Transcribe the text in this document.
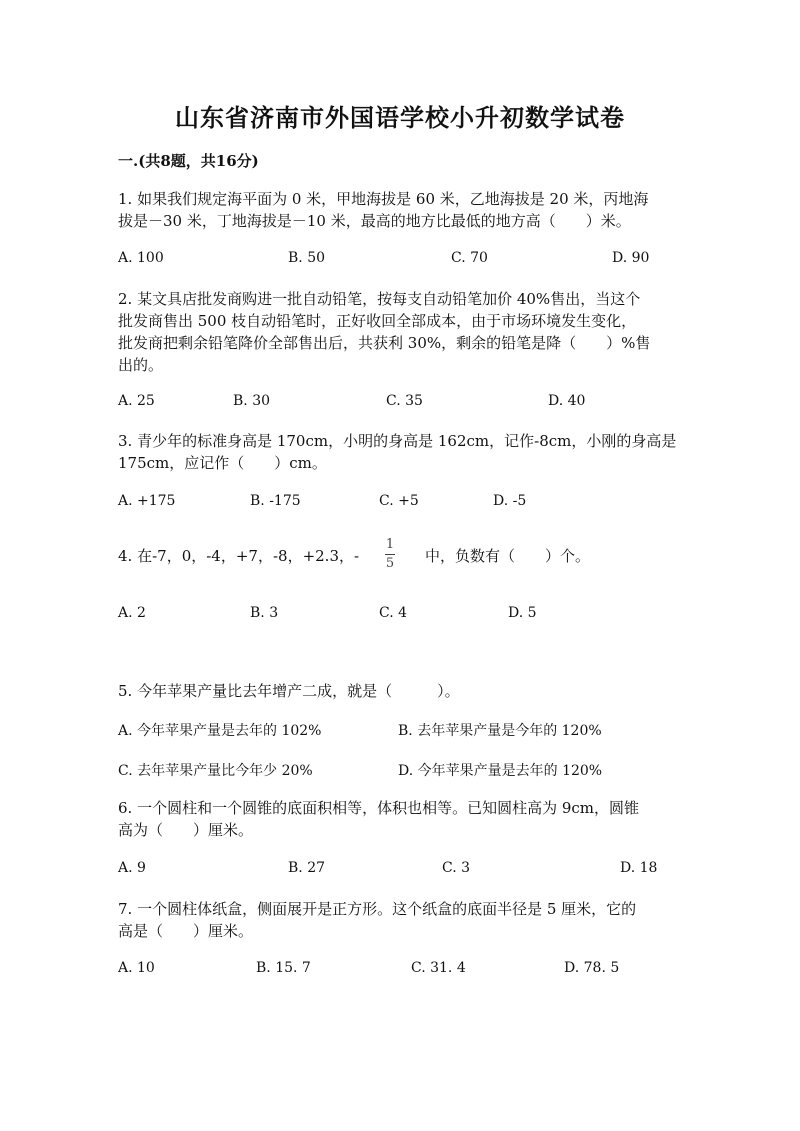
山东省济南市外国语学校小升初数学试卷
一.(共8题，共16分)
1. 如果我们规定海平面为 0 米，甲地海拔是 60 米，乙地海拔是 20 米，丙地海
拔是－30 米，丁地海拔是－10 米，最高的地方比最低的地方高（　　）米。
A. 100	B. 50	C. 70	D. 90
2. 某文具店批发商购进一批自动铅笔，按每支自动铅笔加价 40%售出，当这个
批发商售出 500 枝自动铅笔时，正好收回全部成本，由于市场环境发生变化，
批发商把剩余铅笔降价全部售出后，共获利 30%，剩余的铅笔是降（　　）%售
出的。
A. 25	B. 30	C. 35	D. 40
3. 青少年的标准身高是 170cm，小明的身高是 162cm，记作-8cm，小刚的身高是
175cm，应记作（　　）cm。
A. +175	B. -175	C. +5	D. -5
4. 在-7，0，-4，+7，-8，+2.3，-
1
5 中，负数有（　　）个。
A. 2	B. 3	C. 4	D. 5
5. 今年苹果产量比去年增产二成，就是（　　　）。
A. 今年苹果产量是去年的 102%	B. 去年苹果产量是今年的 120%
C. 去年苹果产量比今年少 20%	D. 今年苹果产量是去年的 120%
6. 一个圆柱和一个圆锥的底面积相等，体积也相等。已知圆柱高为 9cm，圆锥
高为（　　）厘米。
A. 9	B. 27	C. 3	D. 18
7. 一个圆柱体纸盒，侧面展开是正方形。这个纸盒的底面半径是 5 厘米，它的
高是（　　）厘米。
A. 10	B. 15. 7	C. 31. 4	D. 78. 5
